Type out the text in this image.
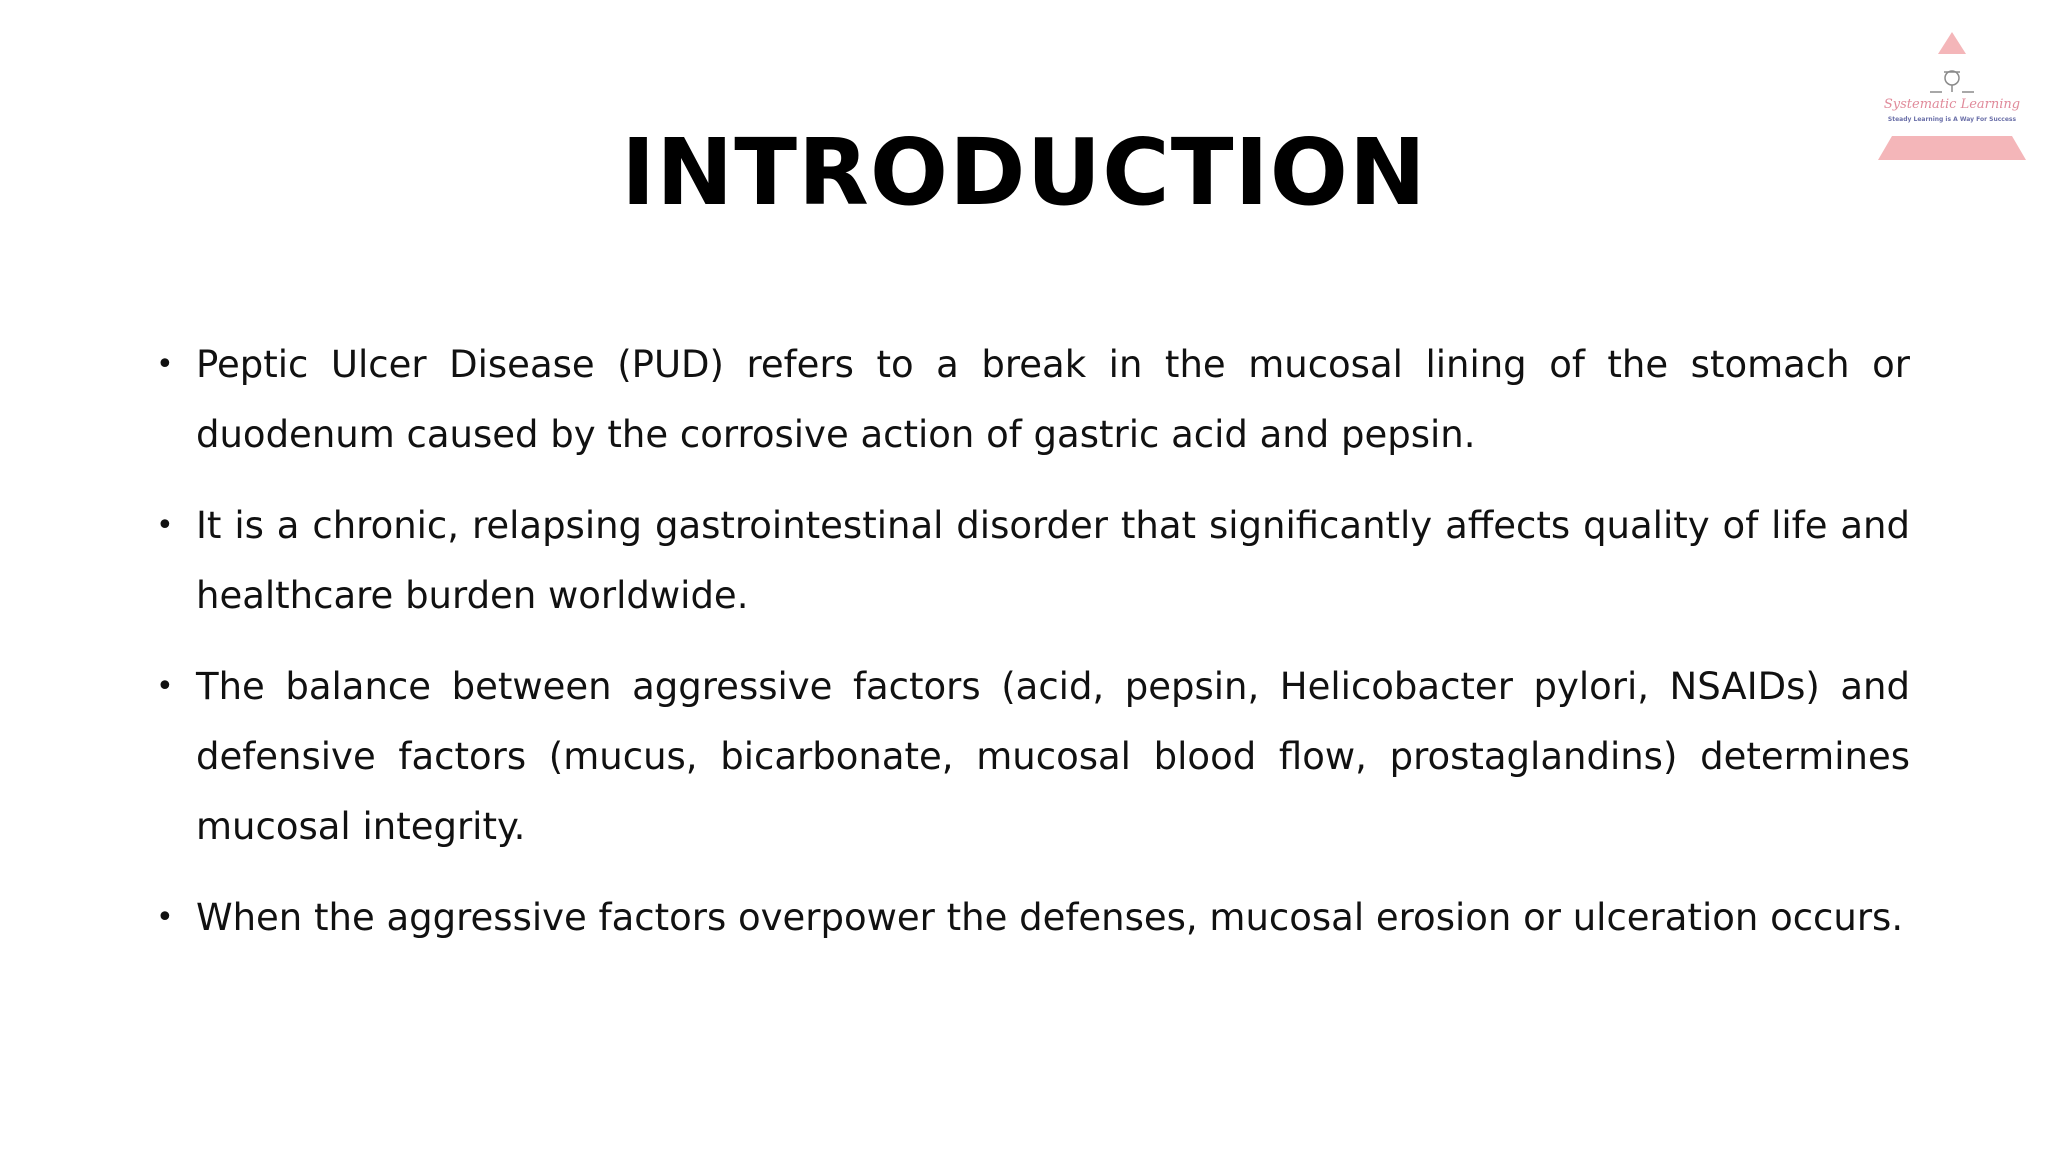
INTRODUCTION
• Peptic Ulcer Disease (PUD) refers to a break in the mucosal lining of the stomach or duodenum caused by the corrosive action of gastric acid and pepsin.
• It is a chronic, relapsing gastrointestinal disorder that significantly affects quality of life and healthcare burden worldwide.
• The balance between aggressive factors (acid, pepsin, Helicobacter pylori, NSAIDs) and defensive factors (mucus, bicarbonate, mucosal blood flow, prostaglandins) determines mucosal integrity.
• When the aggressive factors overpower the defenses, mucosal erosion or ulceration occurs.
Systematic Learning
Steady Learning is A Way For Success
